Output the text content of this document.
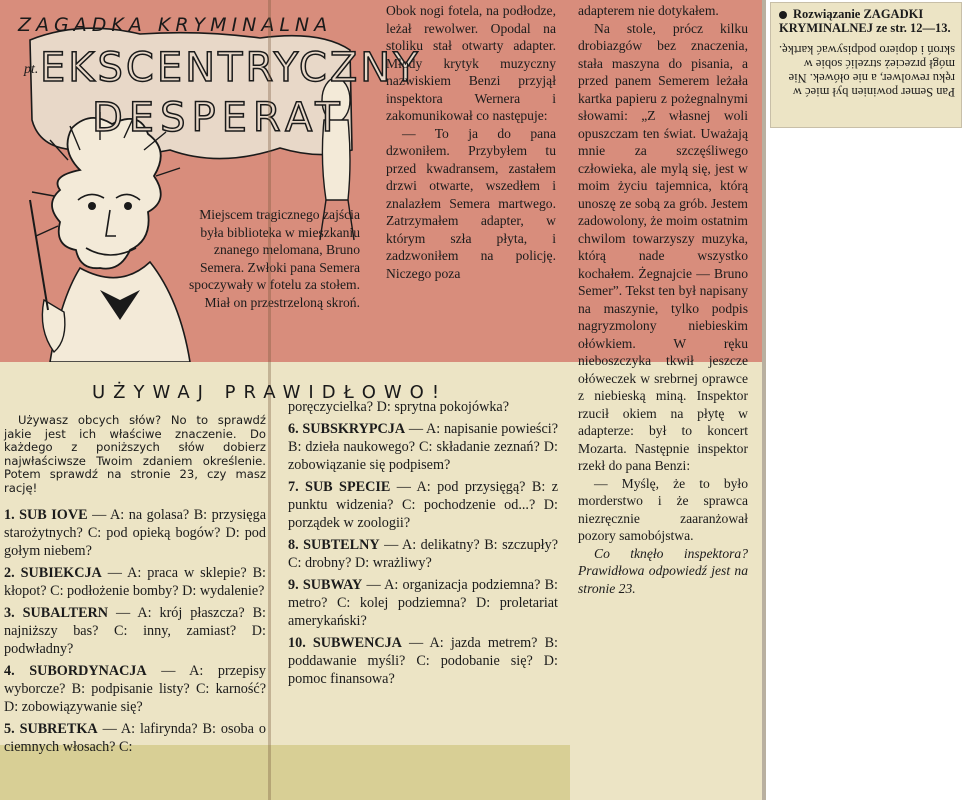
ZAGADKA KRYMINALNA
pt. EKSCENTRYCZNY
DESPERAT

Miejscem tragicznego zajścia była biblioteka w mieszkaniu znanego melomana, Bruno Semera. Zwłoki pana Semera spoczywały w fotelu za stołem. Miał on przestrzeloną skroń.

Obok nogi fotela, na podłodze, leżał rewolwer. Opodal na stoliku stał otwarty adapter. Młody krytyk muzyczny nazwiskiem Benzi przyjął inspektora Wernera i zakomunikował co następuje:

— To ja do pana dzwoniłem. Przybyłem tu przed kwadransem, zastałem drzwi otwarte, wszedłem i znalazłem Semera martwego. Zatrzymałem adapter, w którym szła płyta, i zadzwoniłem na policję. Niczego poza

adapterem nie dotykałem.

Na stole, prócz kilku drobiazgów bez znaczenia, stała maszyna do pisania, a przed panem Semerem leżała kartka papieru z pożegnalnymi słowami: „Z własnej woli opuszczam ten świat. Uważają mnie za szczęśliwego człowieka, ale mylą się, jest w moim życiu tajemnica, którą unoszę ze sobą za grób. Jestem zadowolony, że moim ostatnim chwilom towarzyszy muzyka, którą nade wszystko kochałem. Żegnajcie — Bruno Semer”. Tekst ten był napisany na maszynie, tylko podpis nagryzmolony niebieskim ołówkiem. W ręku nieboszczyka tkwił jeszcze ołóweczek w srebrnej oprawce z niebieską miną. Inspektor rzucił okiem na płytę w adapterze: był to koncert Mozarta. Następnie inspektor rzekł do pana Benzi:

— Myślę, że to było morderstwo i że sprawca niezręcznie zaaranżował pozory samobójstwa.

Co tknęło inspektora? Prawidłowa odpowiedź jest na stronie 23.

UŻYWAJ PRAWIDŁOWO!
Używasz obcych słów? No to sprawdź jakie jest ich właściwe znaczenie. Do każdego z poniższych słów dobierz najwłaściwsze Twoim zdaniem określenie. Potem sprawdź na stronie 23, czy masz rację!

1. SUB IOVE — A: na golasa? B: przysięga starożytnych? C: pod opieką bogów? D: pod gołym niebem?

2. SUBIEKCJA — A: praca w sklepie? B: kłopot? C: podłożenie bomby? D: wydalenie?

3. SUBALTERN — A: krój płaszcza? B: najniższy bas? C: inny, zamiast? D: podwładny?

4. SUBORDYNACJA — A: przepisy wyborcze? B: podpisanie listy? C: karność? D: zobowiązywanie się?

5. SUBRETKA — A: lafirynda? B: osoba o ciemnych włosach? C:

poręczycielka? D: sprytna pokojówka?

6. SUBSKRYPCJA — A: napisanie powieści? B: dzieła naukowego? C: składanie zeznań? D: zobowiązanie się podpisem?

7. SUB SPECIE — A: pod przysięgą? B: z punktu widzenia? C: pochodzenie od...? D: porządek w zoologii?

8. SUBTELNY — A: delikatny? B: szczupły? C: drobny? D: wrażliwy?

9. SUBWAY — A: organizacja podziemna? B: metro? C: kolej podziemna? D: proletariat amerykański?

10. SUBWENCJA — A: jazda metrem? B: poddawanie myśli? C: podobanie się? D: pomoc finansowa?

Rozwiązanie ZAGADKI KRYMINALNEJ ze str. 12—13.

Pan Semer powinien był mieć w ręku rewolwer, a nie ołówek. Nie mógł przecież strzelić sobie w skroń i dopiero podpisywać kartkę.
